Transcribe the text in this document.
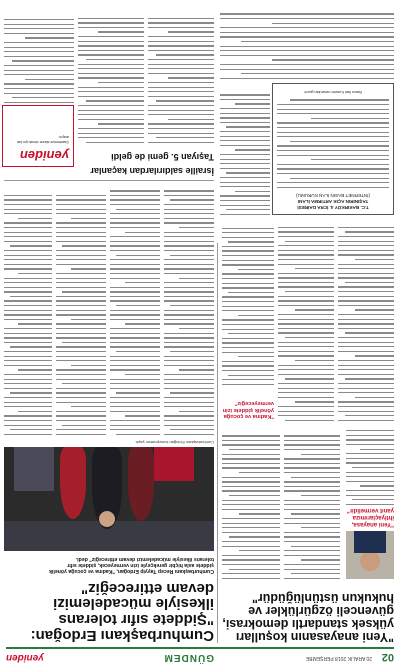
02
20 ARALIK 2018 PERŞEMBE
GÜNDEM
yeniden
"Yeni anayasanın koşulları
yüksek standartlı demokrasi,
güvenceli özgürlükler ve
hukukun üstünlüğüdür"
Cumhurbaşkanı Erdoğan:
"Şiddete sıfır tolerans
ilkesiyle mücadelemizi
devam ettireceğiz"
Cumhurbaşkanı Recep Tayyip Erdoğan, "Kadına ve çocuğa yönelik
şiddete asla hiçbir gerekçeyle izin vermeyecek, şiddete sıfır
tolerans ilkesiyle mücadelemizi devam ettireceğiz" dedi.
"Yeni anayasa,
ihtiyaçlarımıza
yanıt vermelidir"
Cumhurbaşkanı Erdoğan konuşmasını yaptı.
"Kadına ve çocuğa yönelik şiddete izin vermeyeceğiz"
T.C. BAKIRKÖY 4. İCRA DAİRESİ
TAŞINIRIN AÇIK ARTIRMA İLANI
(İNTERNET BASIN İLAN KURUMU)
Basın İlan Kurumu www.ilan.gov.tr
İsraille saldırılardan kaçanlar
Taşıyan 5. gemi de geldi
yeniden
Gazetemize abone olmak için bizi arayın.
